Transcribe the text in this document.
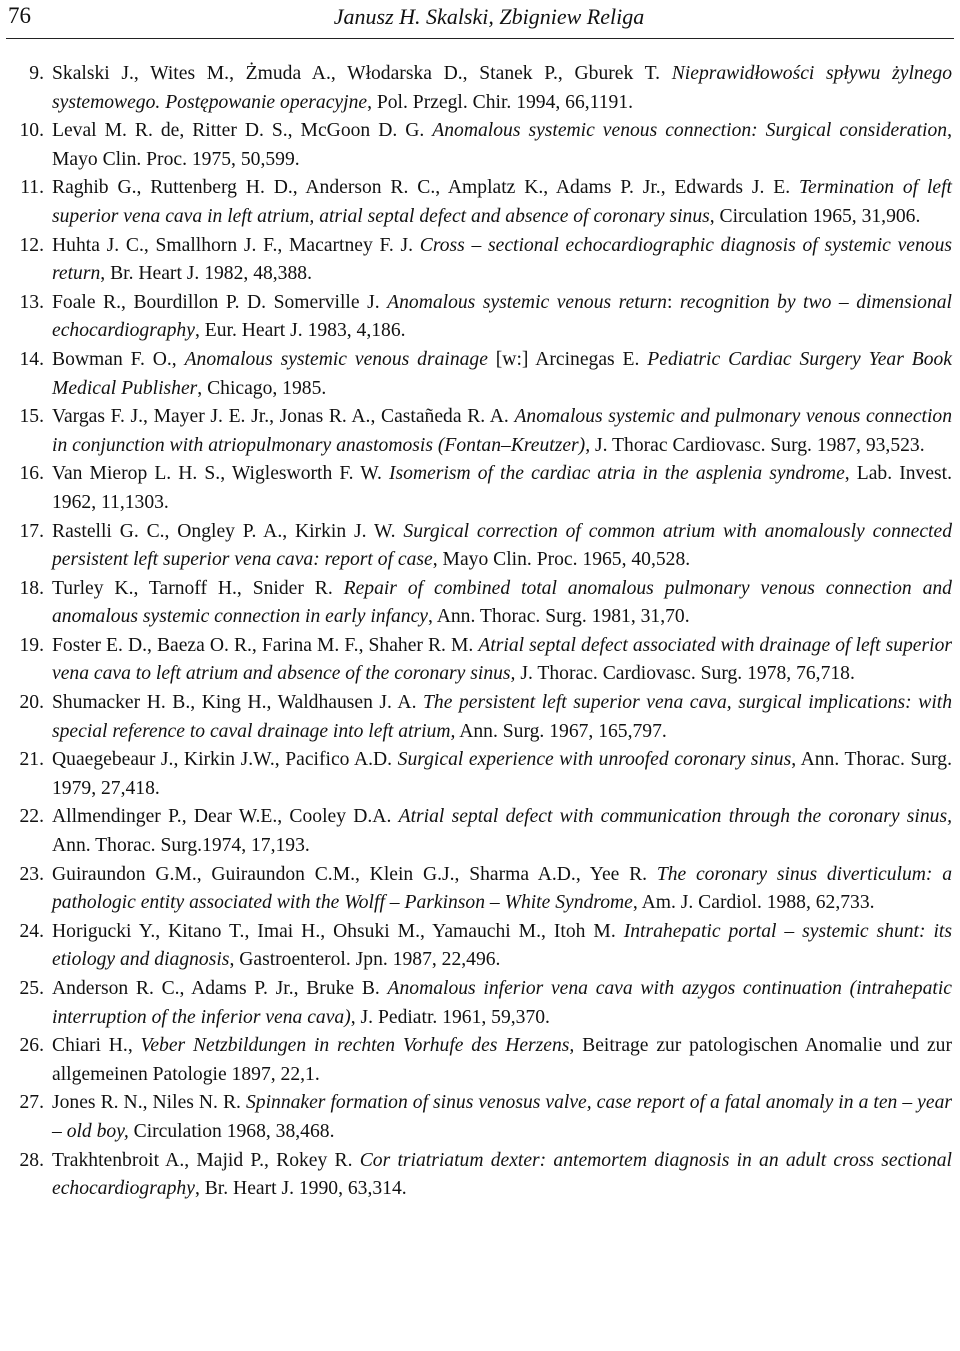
76	Janusz H. Skalski, Zbigniew Religa
9. Skalski J., Wites M., Żmuda A., Włodarska D., Stanek P., Gburek T. Nieprawidłowości spływu żylnego systemowego. Postępowanie operacyjne, Pol. Przegl. Chir. 1994, 66,1191.
10. Leval M. R. de, Ritter D. S., McGoon D. G. Anomalous systemic venous connection: Surgical consideration, Mayo Clin. Proc. 1975, 50,599.
11. Raghib G., Ruttenberg H. D., Anderson R. C., Amplatz K., Adams P. Jr., Edwards J. E. Termination of left superior vena cava in left atrium, atrial septal defect and absence of coronary sinus, Circulation 1965, 31,906.
12. Huhta J. C., Smallhorn J. F., Macartney F. J. Cross – sectional echocardiographic diagnosis of systemic venous return, Br. Heart J. 1982, 48,388.
13. Foale R., Bourdillon P. D. Somerville J. Anomalous systemic venous return: recognition by two – dimensional echocardiography, Eur. Heart J. 1983, 4,186.
14. Bowman F. O., Anomalous systemic venous drainage [w:] Arcinegas E. Pediatric Cardiac Surgery Year Book Medical Publisher, Chicago, 1985.
15. Vargas F. J., Mayer J. E. Jr., Jonas R. A., Castañeda R. A. Anomalous systemic and pulmonary venous connection in conjunction with atriopulmonary anastomosis (Fontan–Kreutzer), J. Thorac Cardiovasc. Surg. 1987, 93,523.
16. Van Mierop L. H. S., Wiglesworth F. W. Isomerism of the cardiac atria in the asplenia syndrome, Lab. Invest. 1962, 11,1303.
17. Rastelli G. C., Ongley P. A., Kirkin J. W. Surgical correction of common atrium with anomalously connected persistent left superior vena cava: report of case, Mayo Clin. Proc. 1965, 40,528.
18. Turley K., Tarnoff H., Snider R. Repair of combined total anomalous pulmonary venous connection and anomalous systemic connection in early infancy, Ann. Thorac. Surg. 1981, 31,70.
19. Foster E. D., Baeza O. R., Farina M. F., Shaher R. M. Atrial septal defect associated with drainage of left superior vena cava to left atrium and absence of the coronary sinus, J. Thorac. Cardiovasc. Surg. 1978, 76,718.
20. Shumacker H. B., King H., Waldhausen J. A. The persistent left superior vena cava, surgical implications: with special reference to caval drainage into left atrium, Ann. Surg. 1967, 165,797.
21. Quaegebeaur J., Kirkin J.W., Pacifico A.D. Surgical experience with unroofed coronary sinus, Ann. Thorac. Surg. 1979, 27,418.
22. Allmendinger P., Dear W.E., Cooley D.A. Atrial septal defect with communication through the coronary sinus, Ann. Thorac. Surg.1974, 17,193.
23. Guiraundon G.M., Guiraundon C.M., Klein G.J., Sharma A.D., Yee R. The coronary sinus diverticulum: a pathologic entity associated with the Wolff – Parkinson – White Syndrome, Am. J. Cardiol. 1988, 62,733.
24. Horigucki Y., Kitano T., Imai H., Ohsuki M., Yamauchi M., Itoh M. Intrahepatic portal – systemic shunt: its etiology and diagnosis, Gastroenterol. Jpn. 1987, 22,496.
25. Anderson R. C., Adams P. Jr., Bruke B. Anomalous inferior vena cava with azygos continuation (intrahepatic interruption of the inferior vena cava), J. Pediatr. 1961, 59,370.
26. Chiari H., Veber Netzbildungen in rechten Vorhufe des Herzens, Beitrage zur patologischen Anomalie und zur allgemeinen Patologie 1897, 22,1.
27. Jones R. N., Niles N. R. Spinnaker formation of sinus venosus valve, case report of a fatal anomaly in a ten – year – old boy, Circulation 1968, 38,468.
28. Trakhtenbroit A., Majid P., Rokey R. Cor triatriatum dexter: antemortem diagnosis in an adult cross sectional echocardiography, Br. Heart J. 1990, 63,314.
